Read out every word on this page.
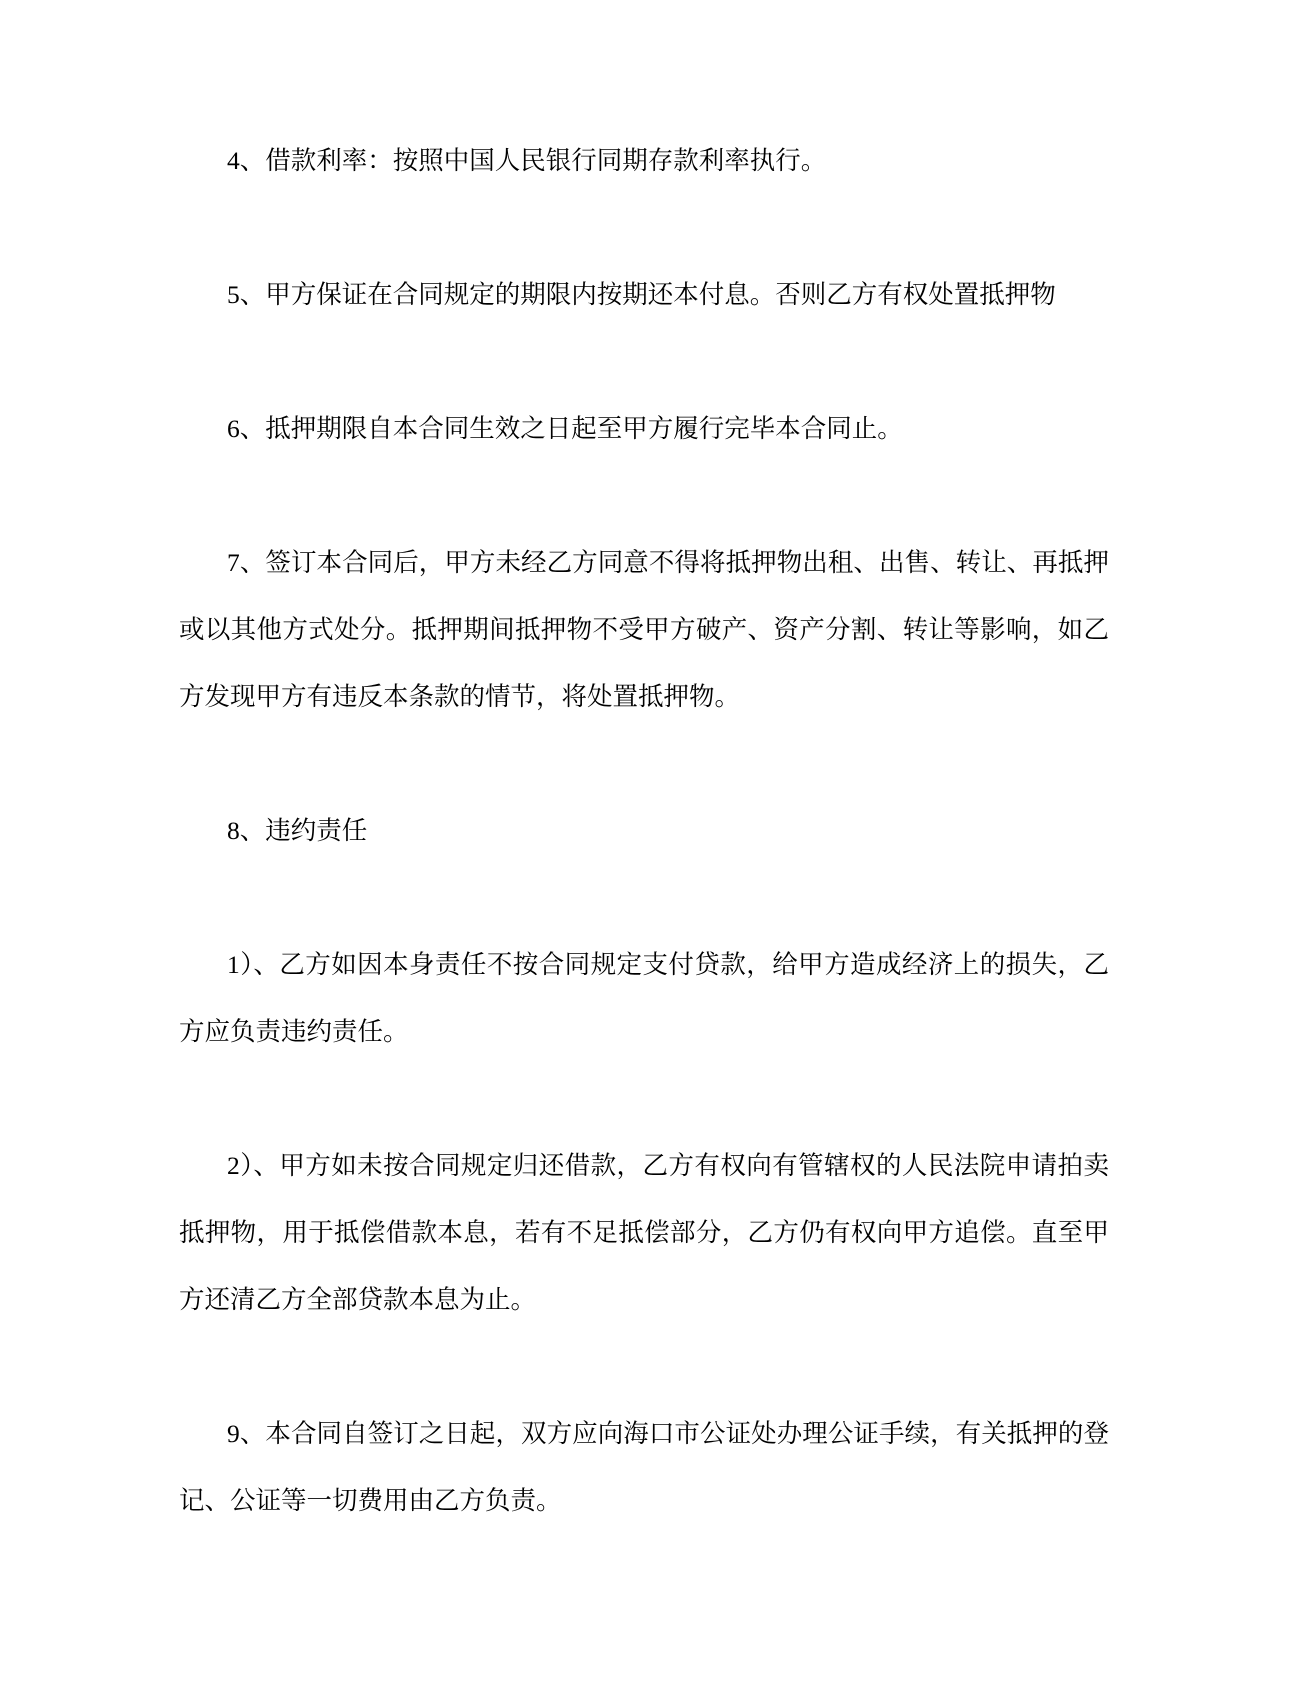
4、借款利率：按照中国人民银行同期存款利率执行。

5、甲方保证在合同规定的期限内按期还本付息。否则乙方有权处置抵押物

6、抵押期限自本合同生效之日起至甲方履行完毕本合同止。

7、签订本合同后，甲方未经乙方同意不得将抵押物出租、出售、转让、再抵押或以其他方式处分。抵押期间抵押物不受甲方破产、资产分割、转让等影响，如乙方发现甲方有违反本条款的情节，将处置抵押物。

8、违约责任

1）、乙方如因本身责任不按合同规定支付贷款，给甲方造成经济上的损失，乙方应负责违约责任。

2）、甲方如未按合同规定归还借款，乙方有权向有管辖权的人民法院申请拍卖抵押物，用于抵偿借款本息，若有不足抵偿部分，乙方仍有权向甲方追偿。直至甲方还清乙方全部贷款本息为止。

9、本合同自签订之日起，双方应向海口市公证处办理公证手续，有关抵押的登记、公证等一切费用由乙方负责。
